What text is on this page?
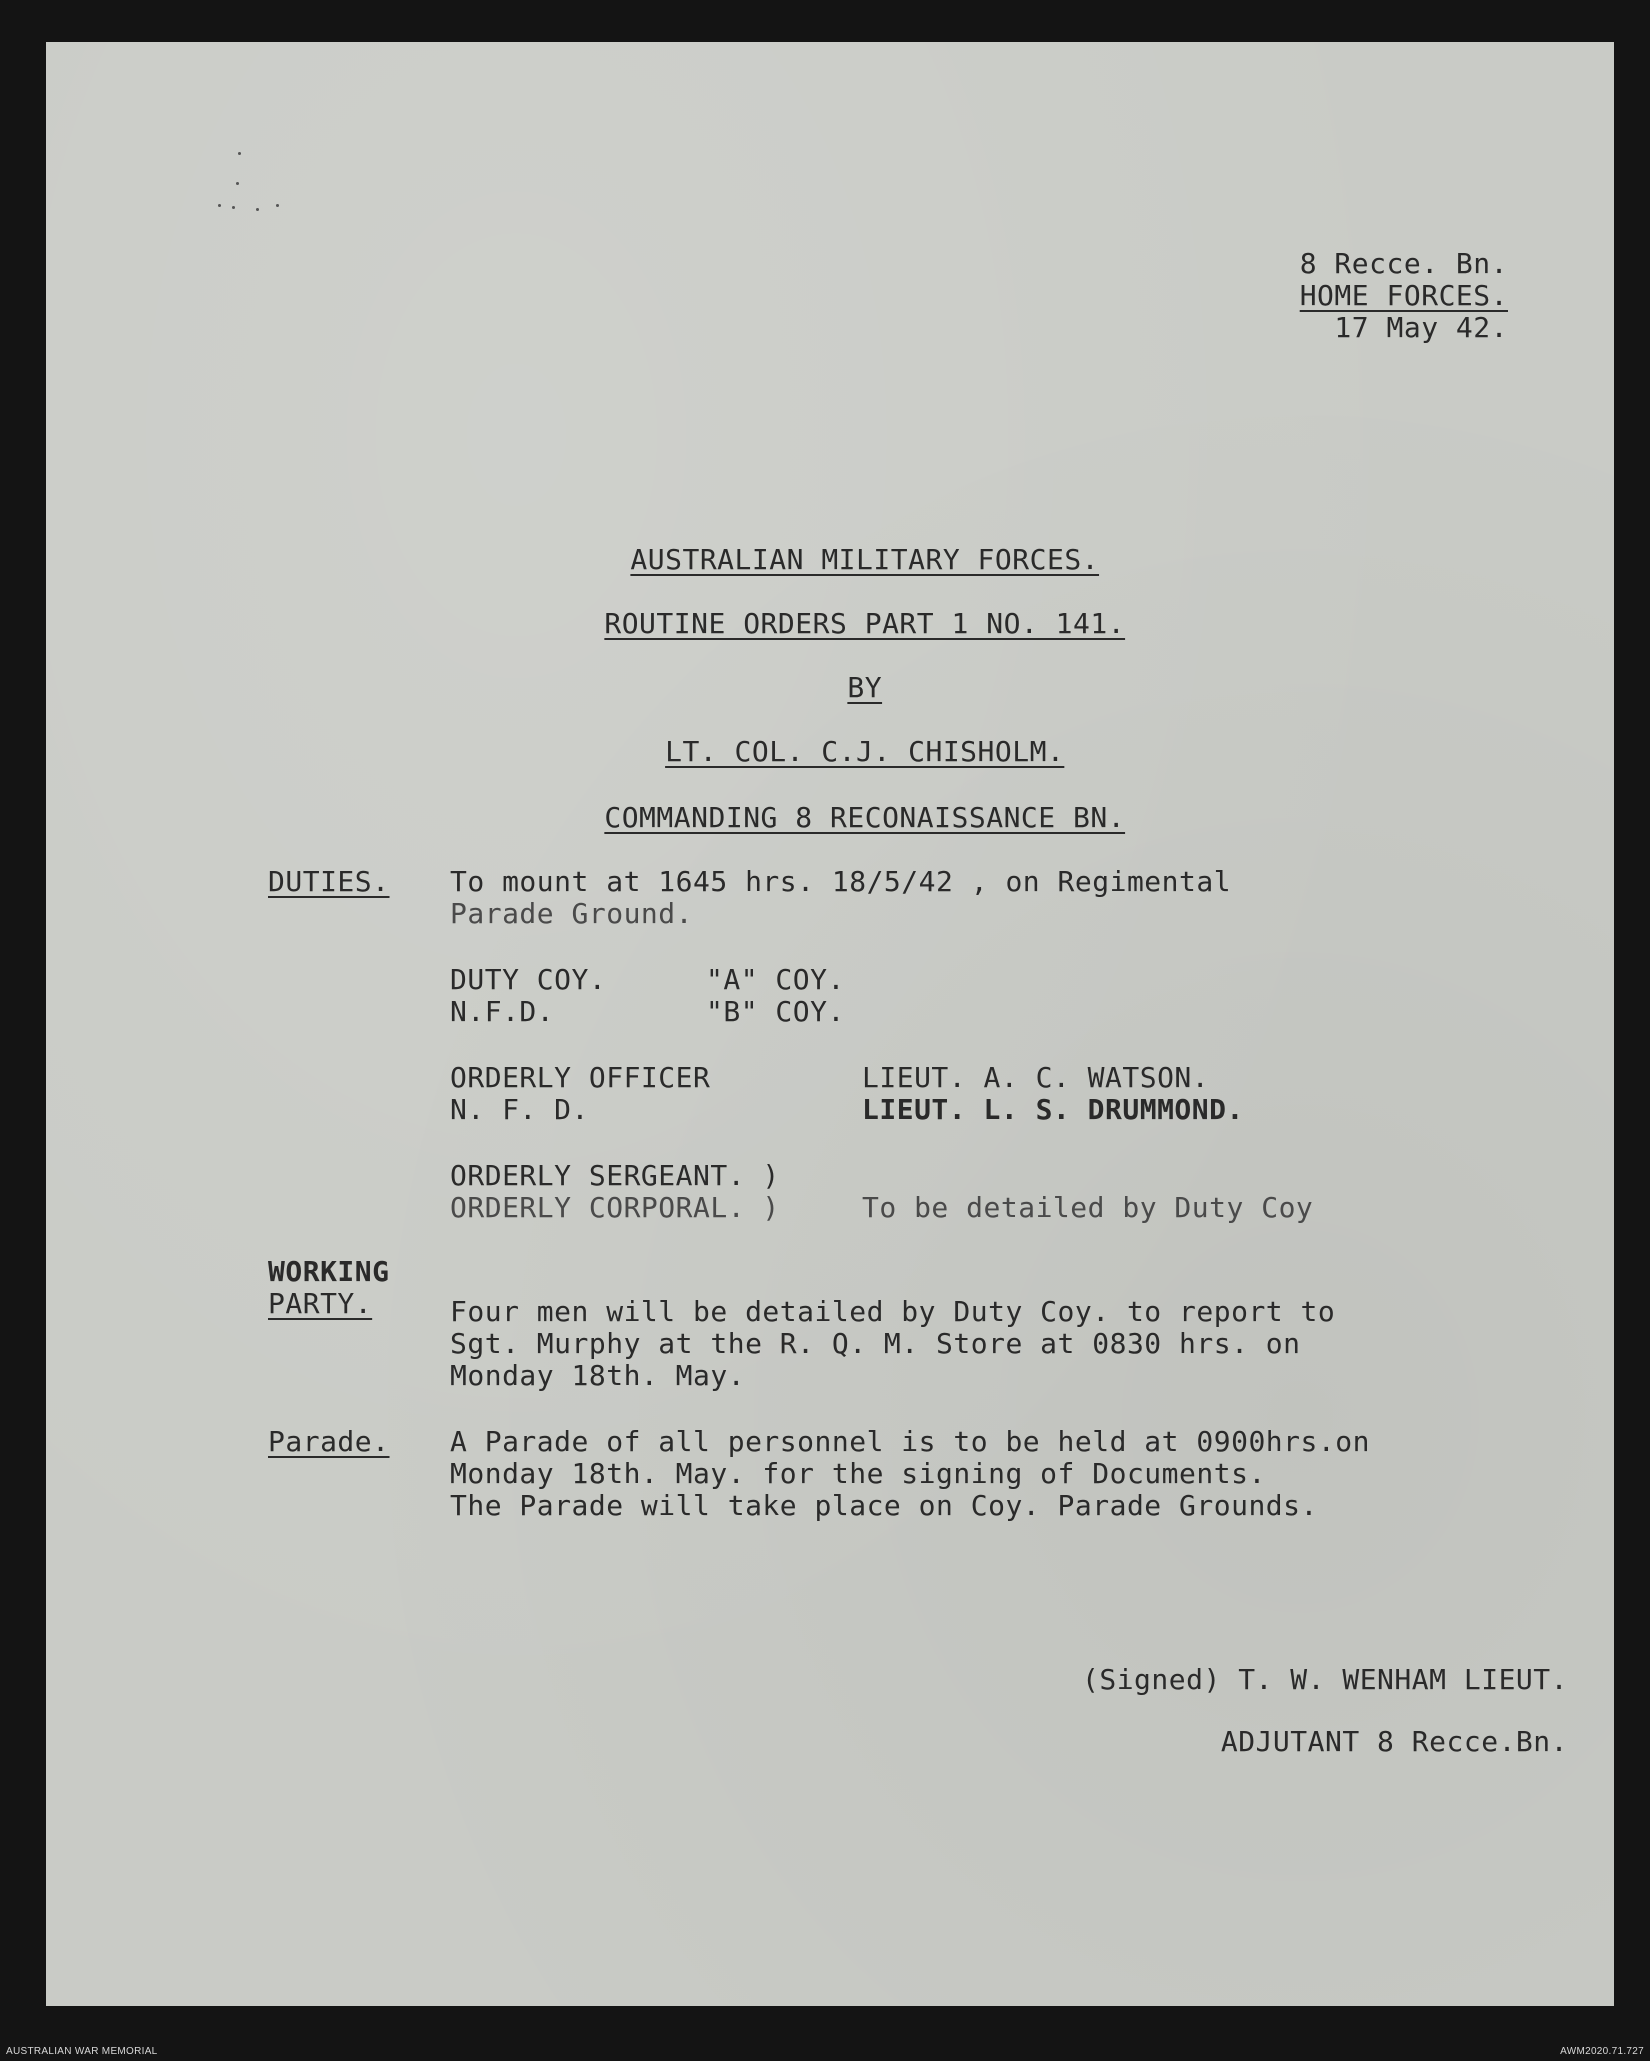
8 Recce. Bn.
HOME FORCES.
17 May 42.

AUSTRALIAN MILITARY FORCES.

ROUTINE ORDERS PART 1 NO. 141.

BY

LT. COL. C.J. CHISHOLM.

COMMANDING 8 RECONAISSANCE BN.

DUTIES. To mount at 1645 hrs. 18/5/42 , on Regimental
Parade Ground.
DUTY COY.	"A" COY.
N.F.D.	"B" COY.
ORDERLY OFFICER	LIEUT. A. C. WATSON.
N. F. D.	LIEUT. L. S. DRUMMOND.
ORDERLY SERGEANT. )
ORDERLY CORPORAL. )	To be detailed by Duty Coy
WORKING
PARTY.	Four men will be detailed by Duty Coy. to report to
Sgt. Murphy at the R. Q. M. Store at 0830 hrs. on
Monday 18th. May.
Parade. A Parade of all personnel is to be held at 0900hrs.on
Monday 18th. May. for the signing of Documents.
The Parade will take place on Coy. Parade Grounds.
(Signed) T. W. WENHAM LIEUT.
ADJUTANT 8 Recce.Bn.
AUSTRALIAN WAR MEMORIAL	AWM2020.71.727
